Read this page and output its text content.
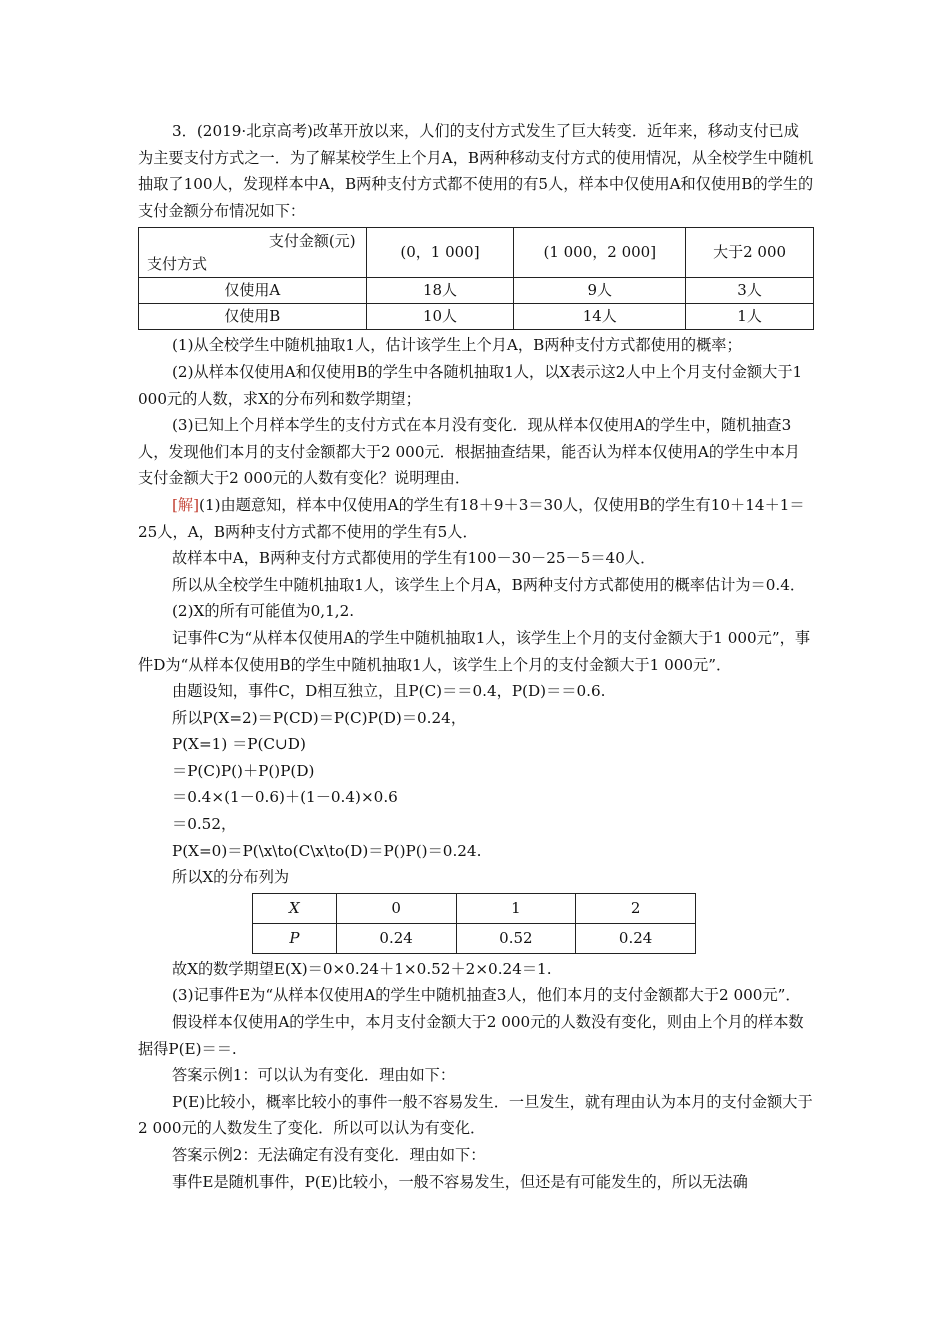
3．(2019·北京高考)改革开放以来，人们的支付方式发生了巨大转变．近年来，移动支付已成为主要支付方式之一．为了解某校学生上个月A，B两种移动支付方式的使用情况，从全校学生中随机抽取了100人，发现样本中A，B两种支付方式都不使用的有5人，样本中仅使用A和仅使用B的学生的支付金额分布情况如下：

支付金额(元)
支付方式	(0，1 000]	(1 000，2 000]	大于2 000
仅使用A	18人	9人	3人
仅使用B	10人	14人	1人

(1)从全校学生中随机抽取1人，估计该学生上个月A，B两种支付方式都使用的概率；

(2)从样本仅使用A和仅使用B的学生中各随机抽取1人，以X表示这2人中上个月支付金额大于1 000元的人数，求X的分布列和数学期望；

(3)已知上个月样本学生的支付方式在本月没有变化．现从样本仅使用A的学生中，随机抽查3人，发现他们本月的支付金额都大于2 000元．根据抽查结果，能否认为样本仅使用A的学生中本月支付金额大于2 000元的人数有变化？说明理由．

[解](1)由题意知，样本中仅使用A的学生有18＋9＋3＝30人，仅使用B的学生有10＋14＋1＝25人，A，B两种支付方式都不使用的学生有5人．

故样本中A，B两种支付方式都使用的学生有100－30－25－5＝40人．

所以从全校学生中随机抽取1人，该学生上个月A，B两种支付方式都使用的概率估计为＝0.4．

(2)X的所有可能值为0,1,2.

记事件C为“从样本仅使用A的学生中随机抽取1人，该学生上个月的支付金额大于1 000元”，事件D为“从样本仅使用B的学生中随机抽取1人，该学生上个月的支付金额大于1 000元”．

由题设知，事件C，D相互独立，且P(C)＝＝0.4，P(D)＝＝0.6.

所以P(X=2)＝P(CD)＝P(C)P(D)＝0.24，

P(X=1) ＝P(C∪D)

＝P(C)P()＋P()P(D)

＝0.4×(1－0.6)＋(1－0.4)×0.6

＝0.52，

P(X=0)＝P(\x\to(C\x\to(D)＝P()P()＝0.24.

所以X的分布列为

X	0	1	2
P	0.24	0.52	0.24

故X的数学期望E(X)＝0×0.24＋1×0.52＋2×0.24＝1.

(3)记事件E为“从样本仅使用A的学生中随机抽查3人，他们本月的支付金额都大于2 000元”．

假设样本仅使用A的学生中，本月支付金额大于2 000元的人数没有变化，则由上个月的样本数据得P(E)＝＝.

答案示例1：可以认为有变化．理由如下：

P(E)比较小，概率比较小的事件一般不容易发生．一旦发生，就有理由认为本月的支付金额大于2 000元的人数发生了变化．所以可以认为有变化．

答案示例2：无法确定有没有变化．理由如下：

事件E是随机事件，P(E)比较小，一般不容易发生，但还是有可能发生的，所以无法确
